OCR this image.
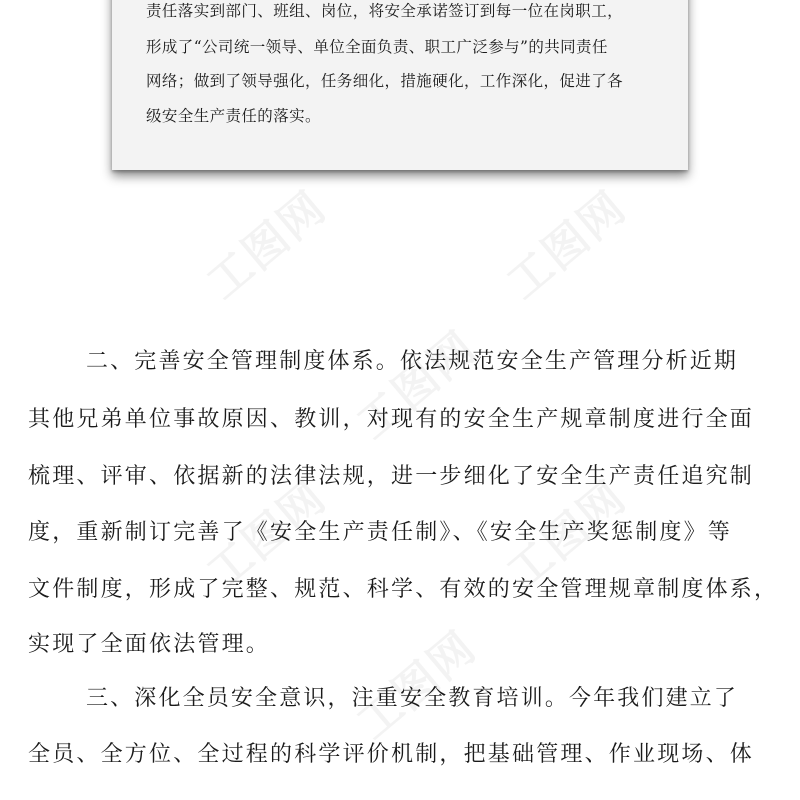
责任落实到部门、班组、岗位，将安全承诺签订到每一位在岗职工，
形成了“公司统一领导、单位全面负责、职工广泛参与”的共同责任
网络；做到了领导强化，任务细化，措施硬化，工作深化，促进了各
级安全生产责任的落实。
工图网	工图网
工图网
工图网	工图网
工图网
二、完善安全管理制度体系。依法规范安全生产管理分析近期
其他兄弟单位事故原因、教训，对现有的安全生产规章制度进行全面
梳理、评审、依据新的法律法规，进一步细化了安全生产责任追究制
度，重新制订完善了《安全生产责任制》、《安全生产奖惩制度》等
文件制度，形成了完整、规范、科学、有效的安全管理规章制度体系，
实现了全面依法管理。
三、深化全员安全意识，注重安全教育培训。今年我们建立了
全员、全方位、全过程的科学评价机制，把基础管理、作业现场、体
